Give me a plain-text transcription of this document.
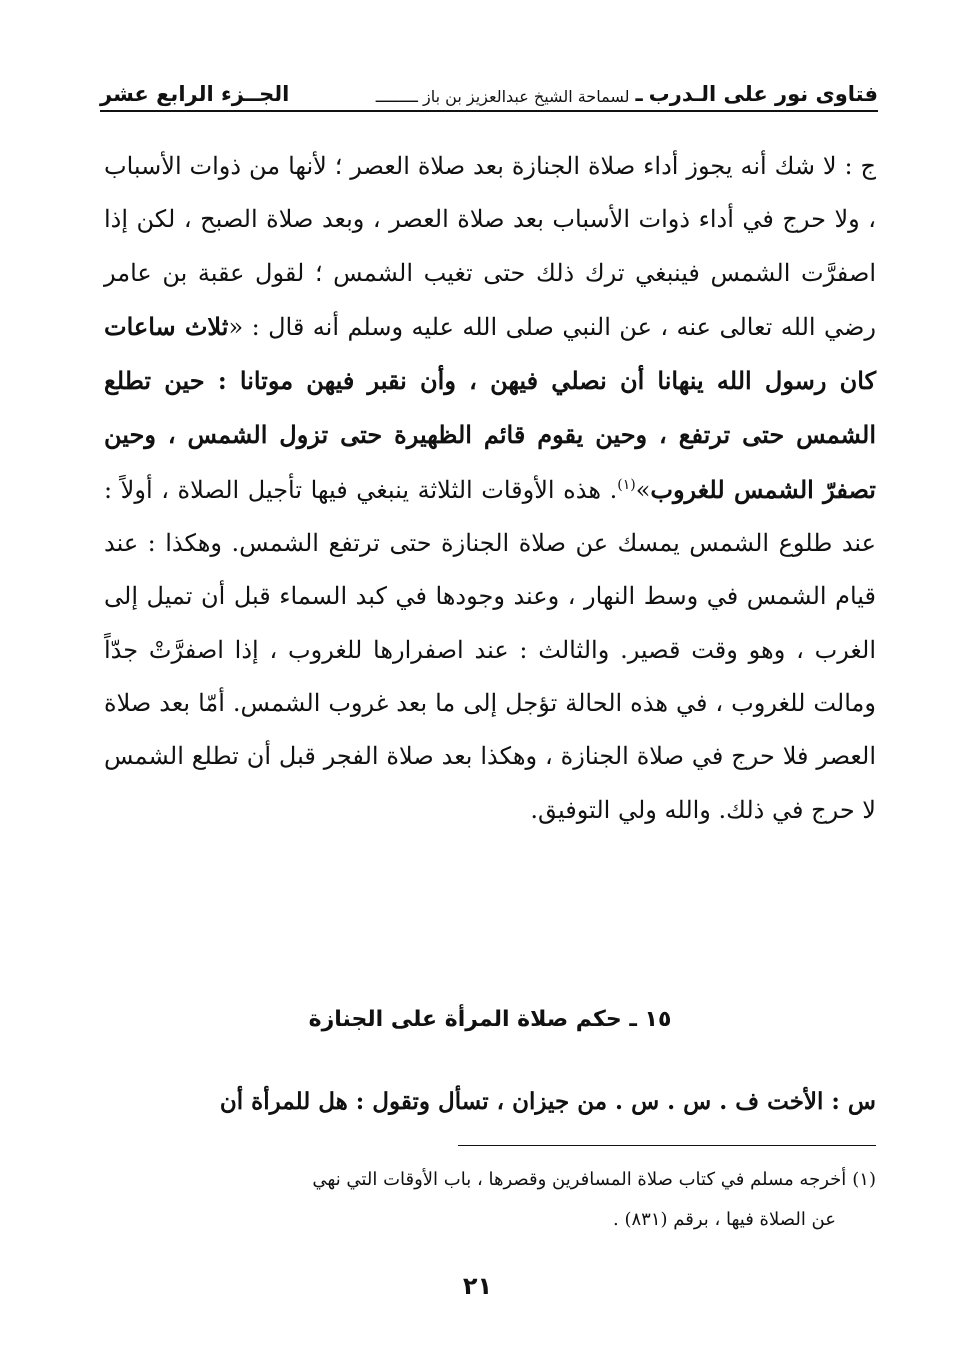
فتاوى نور على الـدرب
ـ
لسماحة الشيخ عبدالعزيز بن باز ـــــــــ
الجــزء الرابع عشر

ج : لا شك أنه يجوز أداء صلاة الجنازة بعد صلاة العصر ؛ لأنها من ذوات الأسباب ، ولا حرج في أداء ذوات الأسباب بعد صلاة العصر ، وبعد صلاة الصبح ، لكن إذا اصفرَّت الشمس فينبغي ترك ذلك حتى تغيب الشمس ؛ لقول عقبة بن عامر رضي الله تعالى عنه ، عن النبي صلى الله عليه وسلم أنه قال : «ثلاث ساعات كان رسول الله ينهانا أن نصلي فيهن ، وأن نقبر فيهن موتانا : حين تطلع الشمس حتى ترتفع ، وحين يقوم قائم الظهيرة حتى تزول الشمس ، وحين تصفرّ الشمس للغروب»$^{(١)}$. هذه الأوقات الثلاثة ينبغي فيها تأجيل الصلاة ، أولاً : عند طلوع الشمس يمسك عن صلاة الجنازة حتى ترتفع الشمس. وهكذا : عند قيام الشمس في وسط النهار ، وعند وجودها في كبد السماء قبل أن تميل إلى الغرب ، وهو وقت قصير. والثالث : عند اصفرارها للغروب ، إذا اصفرَّتْ جدّاً ومالت للغروب ، في هذه الحالة تؤجل إلى ما بعد غروب الشمس. أمّا بعد صلاة العصر فلا حرج في صلاة الجنازة ، وهكذا بعد صلاة الفجر قبل أن تطلع الشمس لا حرج في ذلك. والله ولي التوفيق.

١٥ ـ حكم صلاة المرأة على الجنازة
س : الأخت ف . س . س . من جيزان ، تسأل وتقول : هل للمرأة أن

(١)أخرجه مسلم في كتاب صلاة المسافرين وقصرها ، باب الأوقات التي نهي

عن الصلاة فيها ، برقم (٨٣١) .

٢١
